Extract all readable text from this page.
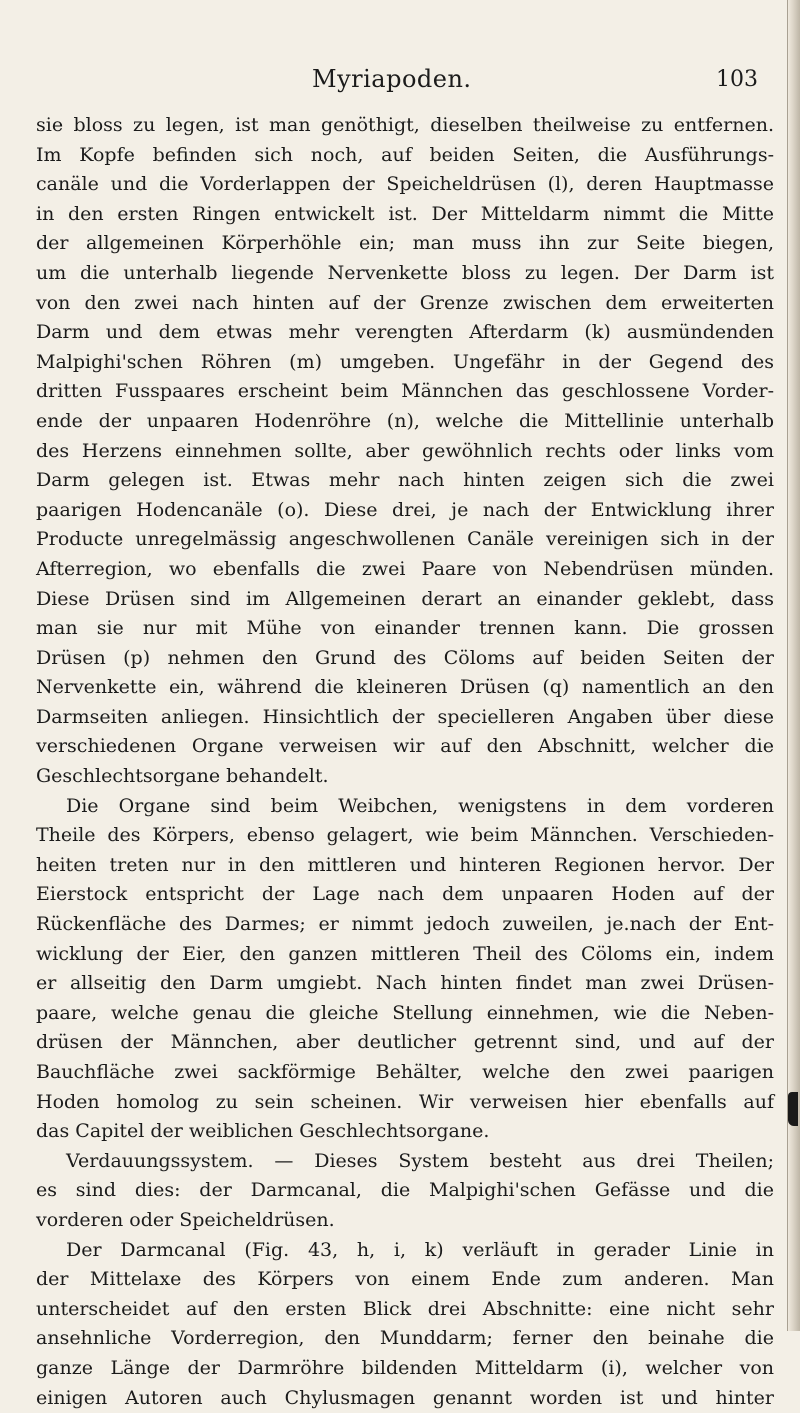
Myriapoden.	103
sie bloss zu legen, ist man genöthigt, dieselben theilweise zu entfernen.
Im Kopfe befinden sich noch, auf beiden Seiten, die Ausführungs-
canäle und die Vorderlappen der Speicheldrüsen (l), deren Hauptmasse
in den ersten Ringen entwickelt ist. Der Mitteldarm nimmt die Mitte
der allgemeinen Körperhöhle ein; man muss ihn zur Seite biegen,
um die unterhalb liegende Nervenkette bloss zu legen. Der Darm ist
von den zwei nach hinten auf der Grenze zwischen dem erweiterten
Darm und dem etwas mehr verengten Afterdarm (k) ausmündenden
Malpighi'schen Röhren (m) umgeben. Ungefähr in der Gegend des
dritten Fusspaares erscheint beim Männchen das geschlossene Vorder-
ende der unpaaren Hodenröhre (n), welche die Mittellinie unterhalb
des Herzens einnehmen sollte, aber gewöhnlich rechts oder links vom
Darm gelegen ist. Etwas mehr nach hinten zeigen sich die zwei
paarigen Hodencanäle (o). Diese drei, je nach der Entwicklung ihrer
Producte unregelmässig angeschwollenen Canäle vereinigen sich in der
Afterregion, wo ebenfalls die zwei Paare von Nebendrüsen münden.
Diese Drüsen sind im Allgemeinen derart an einander geklebt, dass
man sie nur mit Mühe von einander trennen kann. Die grossen
Drüsen (p) nehmen den Grund des Cöloms auf beiden Seiten der
Nervenkette ein, während die kleineren Drüsen (q) namentlich an den
Darmseiten anliegen. Hinsichtlich der specielleren Angaben über diese
verschiedenen Organe verweisen wir auf den Abschnitt, welcher die
Geschlechtsorgane behandelt.
Die Organe sind beim Weibchen, wenigstens in dem vorderen
Theile des Körpers, ebenso gelagert, wie beim Männchen. Verschieden-
heiten treten nur in den mittleren und hinteren Regionen hervor. Der
Eierstock entspricht der Lage nach dem unpaaren Hoden auf der
Rückenfläche des Darmes; er nimmt jedoch zuweilen, je.nach der Ent-
wicklung der Eier, den ganzen mittleren Theil des Cöloms ein, indem
er allseitig den Darm umgiebt. Nach hinten findet man zwei Drüsen-
paare, welche genau die gleiche Stellung einnehmen, wie die Neben-
drüsen der Männchen, aber deutlicher getrennt sind, und auf der
Bauchfläche zwei sackförmige Behälter, welche den zwei paarigen
Hoden homolog zu sein scheinen. Wir verweisen hier ebenfalls auf
das Capitel der weiblichen Geschlechtsorgane.
Verdauungssystem. — Dieses System besteht aus drei Theilen;
es sind dies: der Darmcanal, die Malpighi'schen Gefässe und die
vorderen oder Speicheldrüsen.
Der Darmcanal (Fig. 43, h, i, k) verläuft in gerader Linie in
der Mittelaxe des Körpers von einem Ende zum anderen. Man
unterscheidet auf den ersten Blick drei Abschnitte: eine nicht sehr
ansehnliche Vorderregion, den Munddarm; ferner den beinahe die
ganze Länge der Darmröhre bildenden Mitteldarm (i), welcher von
einigen Autoren auch Chylusmagen genannt worden ist und hinter
